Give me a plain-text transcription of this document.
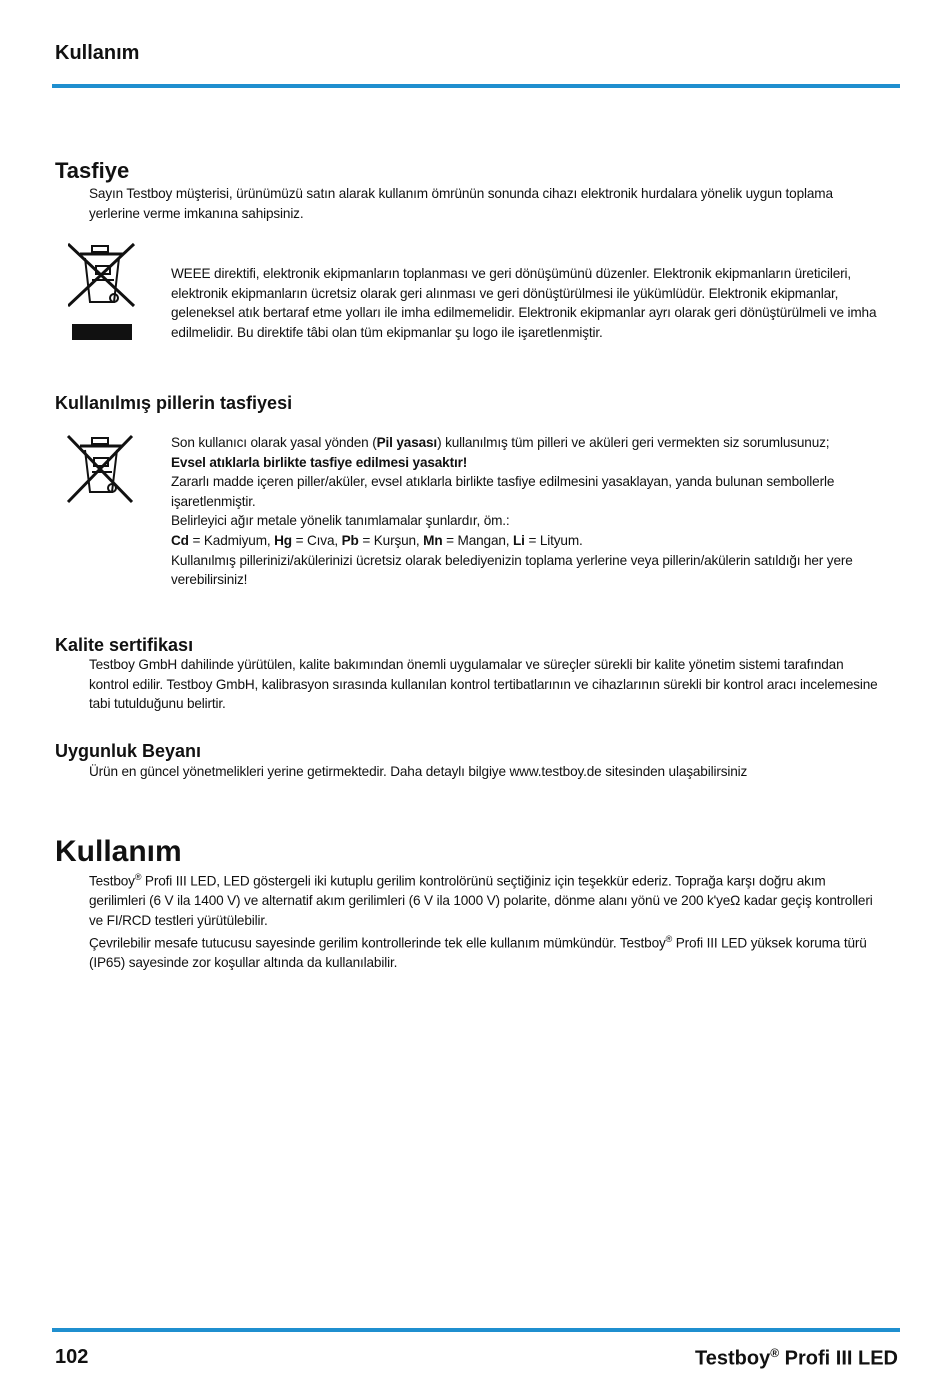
Kullanım
Tasfiye
Sayın Testboy müşterisi, ürünümüzü satın alarak kullanım ömrünün sonunda cihazı elektronik hurdalara yönelik uygun toplama yerlerine verme imkanına sahipsiniz.
WEEE direktifi, elektronik ekipmanların toplanması ve geri dönüşümünü düzenler. Elektronik ekipmanların üreticileri, elektronik ekipmanların ücretsiz olarak geri alınması ve geri dönüştürülmesi ile yükümlüdür. Elektronik ekipmanlar, geleneksel atık bertaraf etme yolları ile imha edilmemelidir. Elektronik ekipmanlar ayrı olarak geri dönüştürülmeli ve imha edilmelidir. Bu direktife tâbi olan tüm ekipmanlar şu logo ile işaretlenmiştir.
Kullanılmış pillerin tasfiyesi

Son kullanıcı olarak yasal yönden (Pil yasası) kullanılmış tüm pilleri ve aküleri geri vermekten siz sorumlusunuz;

Evsel atıklarla birlikte tasfiye edilmesi yasaktır!

Zararlı madde içeren piller/aküler, evsel atıklarla birlikte tasfiye edilmesini yasaklayan, yanda bulunan sembollerle işaretlenmiştir.

Belirleyici ağır metale yönelik tanımlamalar şunlardır, öm.:

Cd = Kadmiyum, Hg = Cıva, Pb = Kurşun, Mn = Mangan, Li = Lityum.

Kullanılmış pillerinizi/akülerinizi ücretsiz olarak belediyenizin toplama yerlerine veya pillerin/akülerin satıldığı her yere verebilirsiniz!

Kalite sertifikası
Testboy GmbH dahilinde yürütülen, kalite bakımından önemli uygulamalar ve süreçler sürekli bir kalite yönetim sistemi tarafından kontrol edilir. Testboy GmbH, kalibrasyon sırasında kullanılan kontrol tertibatlarının ve cihazlarının sürekli bir kontrol aracı incelemesine tabi tutulduğunu belirtir.
Uygunluk Beyanı
Ürün en güncel yönetmelikleri yerine getirmektedir. Daha detaylı bilgiye www.testboy.de sitesinden ulaşabilirsiniz
Kullanım

Testboy® Profi III LED, LED göstergeli iki kutuplu gerilim kontrolörünü seçtiğiniz için teşekkür ederiz. Toprağa karşı doğru akım gerilimleri (6 V ila 1400 V) ve alternatif akım gerilimleri (6 V ila 1000 V) polarite, dönme alanı yönü ve 200 k'yeΩ kadar geçiş kontrolleri ve FI/RCD testleri yürütülebilir.

Çevrilebilir mesafe tutucusu sayesinde gerilim kontrollerinde tek elle kullanım mümkündür. Testboy® Profi III LED yüksek koruma türü (IP65) sayesinde zor koşullar altında da kullanılabilir.

102	Testboy® Profi III LED
